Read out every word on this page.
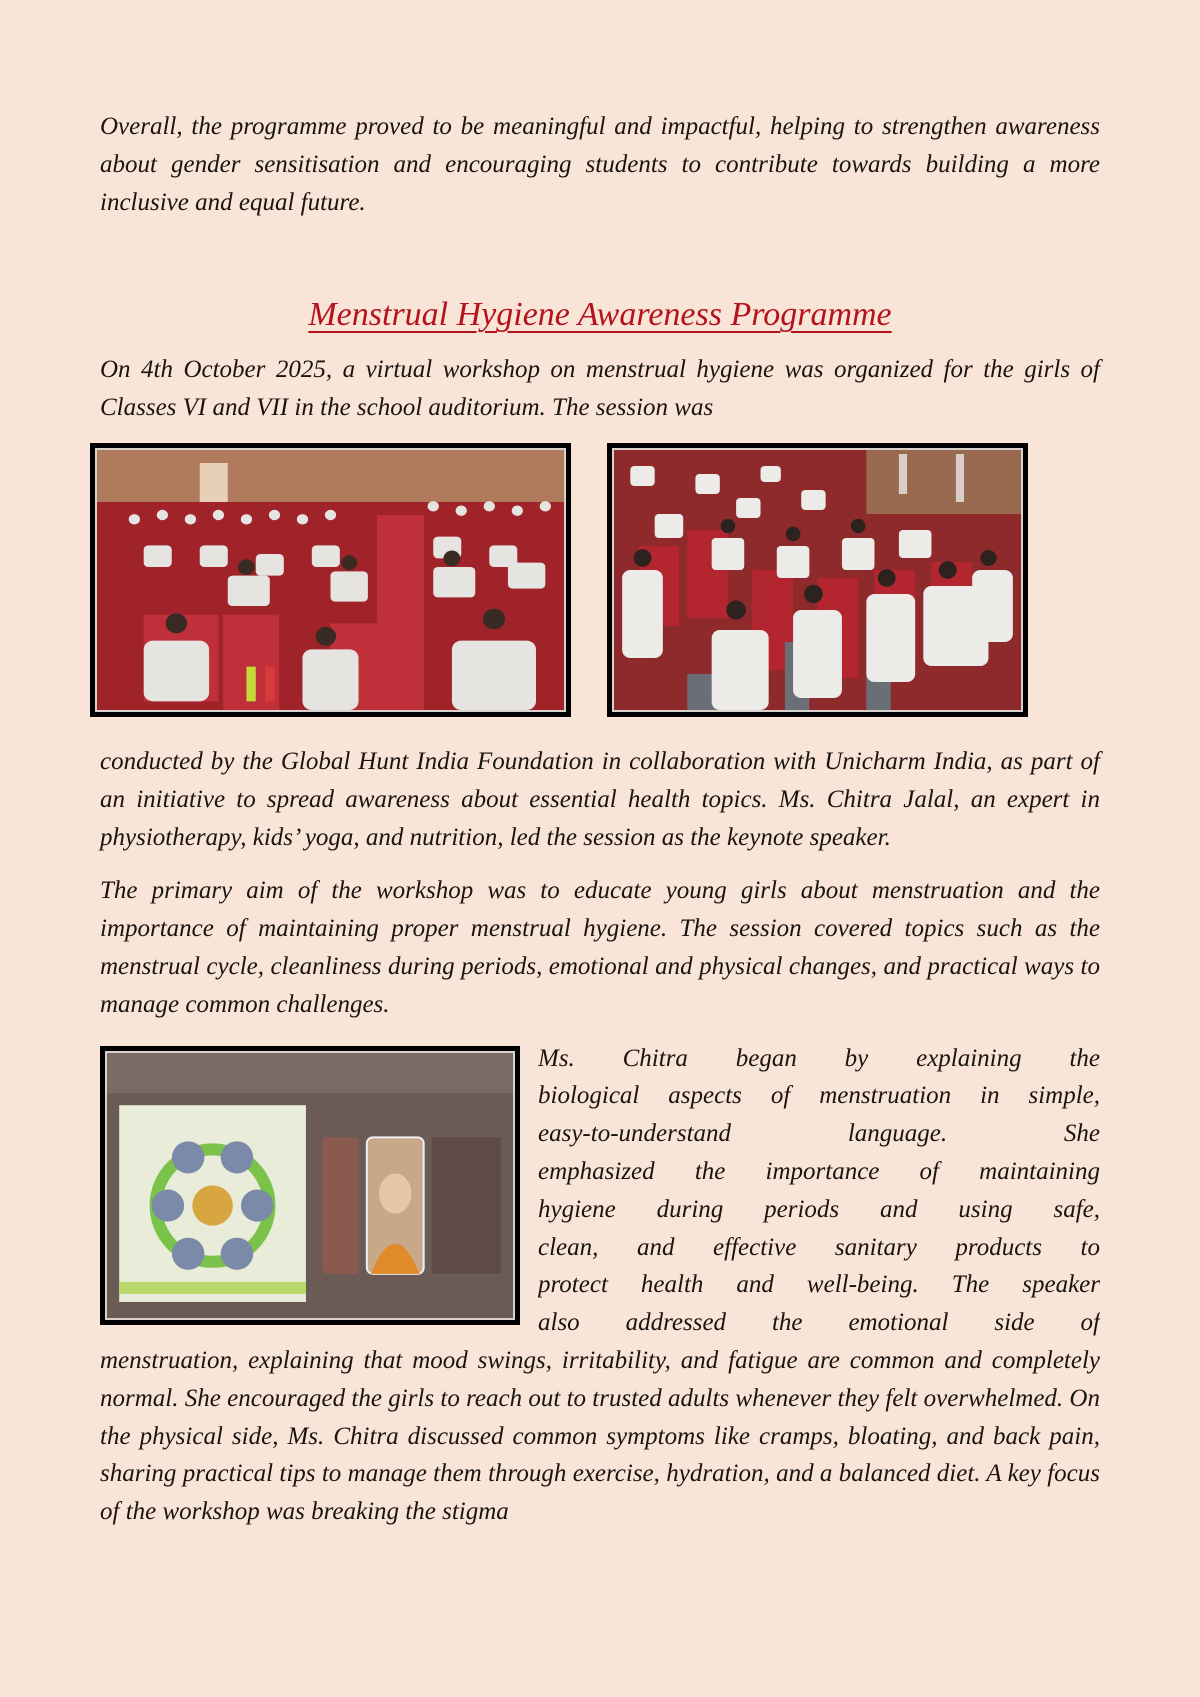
Overall, the programme proved to be meaningful and impactful, helping to strengthen awareness about gender sensitisation and encouraging students to contribute towards building a more inclusive and equal future.

Menstrual Hygiene Awareness Programme

On 4th October 2025, a virtual workshop on menstrual hygiene was organized for the girls of Classes VI and VII in the school auditorium. The session was

conducted by the Global Hunt India Foundation in collaboration with Unicharm India, as part of an initiative to spread awareness about essential health topics. Ms. Chitra Jalal, an expert in physiotherapy, kids’ yoga, and nutrition, led the session as the keynote speaker.

The primary aim of the workshop was to educate young girls about menstruation and the importance of maintaining proper menstrual hygiene. The session covered topics such as the menstrual cycle, cleanliness during periods, emotional and physical changes, and practical ways to manage common challenges.

Ms. Chitra began by explaining the
biological aspects of menstruation in simple,
easy-to-understand language. She
emphasized the importance of maintaining
hygiene during periods and using safe,
clean, and effective sanitary products to
protect health and well-being. The speaker
also addressed the emotional side of

menstruation, explaining that mood swings, irritability, and fatigue are common and completely normal. She encouraged the girls to reach out to trusted adults whenever they felt overwhelmed. On the physical side, Ms. Chitra discussed common symptoms like cramps, bloating, and back pain, sharing practical tips to manage them through exercise, hydration, and a balanced diet. A key focus of the workshop was breaking the stigma
